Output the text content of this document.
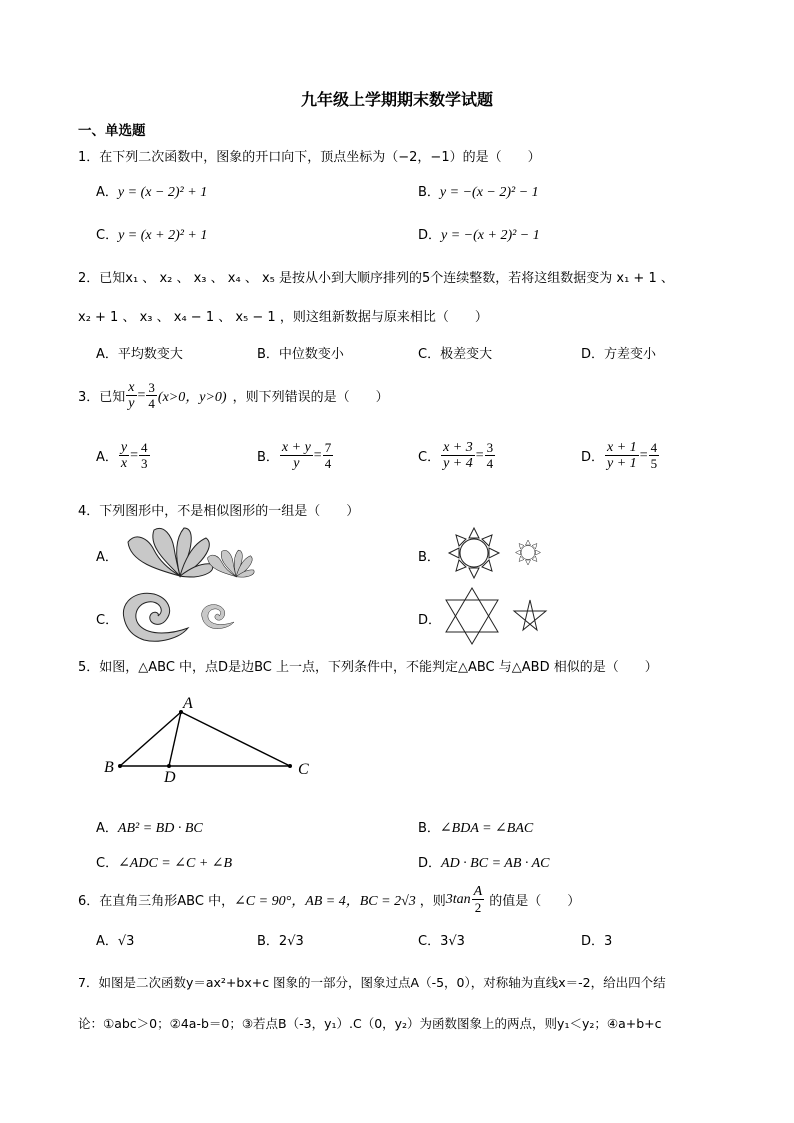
九年级上学期期末数学试题
一、单选题
1．在下列二次函数中，图象的开口向下，顶点坐标为（−2，−1）的是（　　）
A．y = (x − 2)² + 1	B．y = −(x − 2)² − 1
C．y = (x + 2)² + 1	D．y = −(x + 2)² − 1
2．已知x₁ 、 x₂ 、 x₃ 、 x₄ 、 x₅ 是按从小到大顺序排列的5个连续整数，若将这组数据变为 x₁ + 1 、
x₂ + 1 、 x₃ 、 x₄ − 1 、 x₅ − 1 ，则这组新数据与原来相比（　　）
A．平均数变大	B．中位数变小	C．极差变大	D．方差变小
3．已知 $\frac{x}{y} = \frac{3}{4} (x>0$，y>0) ，则下列错误的是（　　）
A． $\frac{y}{x} = \frac{4}{3}$	B． $\frac{x + y}{y} = \frac{7}{4}$	C． $\frac{x + 3}{y + 4} = \frac{3}{4}$	D． $\frac{x + 1}{y + 1} = \frac{4}{5}$
4．下列图形中，不是相似图形的一组是（　　）
A．	B．
C．	D．
5．如图，△ABC 中，点D是边BC 上一点，下列条件中，不能判定△ABC 与△ABD 相似的是（　　）
A
B	C
D
A．AB² = BD · BC	B．∠BDA = ∠BAC
C．∠ADC = ∠C + ∠B	D．AD · BC = AB · AC
6．在直角三角形ABC 中， ∠C = 90°，AB = 4，BC = 2√3 ，则 $3\tan \frac{A}{2}$ 的值是（　　）
A．√3	B．2√3	C．3√3	D．3
7．如图是二次函数y＝ax²+bx+c 图象的一部分，图象过点A（-5，0），对称轴为直线x＝-2，给出四个结
论：①abc＞0；②4a-b＝0；③若点B（-3，y₁）.C（0，y₂）为函数图象上的两点，则y₁＜y₂；④a+b+c
